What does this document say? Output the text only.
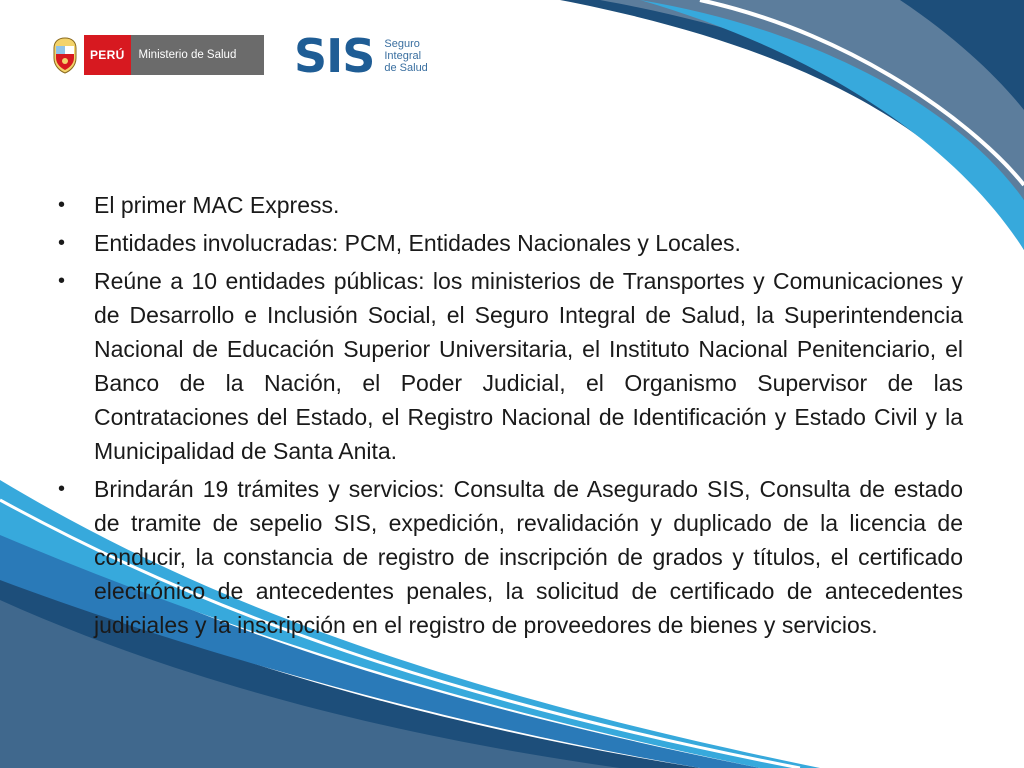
PERÚ	Ministerio de Salud	SIS Seguro
Integral
de Salud
• El primer MAC Express.
• Entidades involucradas: PCM, Entidades Nacionales y Locales.
• Reúne a 10 entidades públicas: los ministerios de Transportes y Comunicaciones y de Desarrollo e Inclusión Social, el Seguro Integral de Salud, la Superintendencia Nacional de Educación Superior Universitaria, el Instituto Nacional Penitenciario, el Banco de la Nación, el Poder Judicial, el Organismo Supervisor de las Contrataciones del Estado, el Registro Nacional de Identificación y Estado Civil y la Municipalidad de Santa Anita.
• Brindarán 19 trámites y servicios: Consulta de Asegurado SIS, Consulta de estado de tramite de sepelio SIS, expedición, revalidación y duplicado de la licencia de conducir, la constancia de registro de inscripción de grados y títulos, el certificado electrónico de antecedentes penales, la solicitud de certificado de antecedentes judiciales y la inscripción en el registro de proveedores de bienes y servicios.
